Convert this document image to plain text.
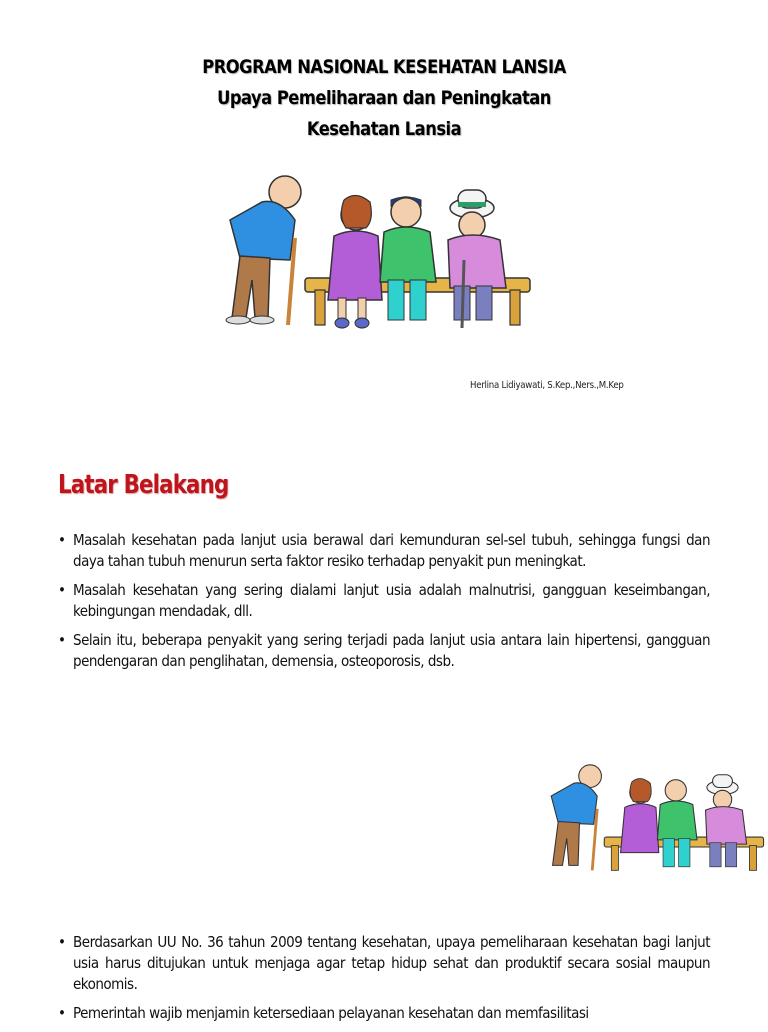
PROGRAM NASIONAL KESEHATAN LANSIA
Upaya Pemeliharaan dan Peningkatan
Kesehatan Lansia
Herlina Lidiyawati, S.Kep.,Ners.,M.Kep
Latar Belakang
• Masalah kesehatan pada lanjut usia berawal dari kemunduran sel-sel tubuh, sehingga fungsi dan daya tahan tubuh menurun serta faktor resiko terhadap penyakit pun meningkat.
• Masalah kesehatan yang sering dialami lanjut usia adalah malnutrisi, gangguan keseimbangan, kebingungan mendadak, dll.
• Selain itu, beberapa penyakit yang sering terjadi pada lanjut usia antara lain hipertensi, gangguan pendengaran dan penglihatan, demensia, osteoporosis, dsb.
• Berdasarkan UU No. 36 tahun 2009 tentang kesehatan, upaya pemeliharaan kesehatan bagi lanjut usia harus ditujukan untuk menjaga agar tetap hidup sehat dan produktif secara sosial maupun ekonomis.
• Pemerintah wajib menjamin ketersediaan pelayanan kesehatan dan memfasilitasi
